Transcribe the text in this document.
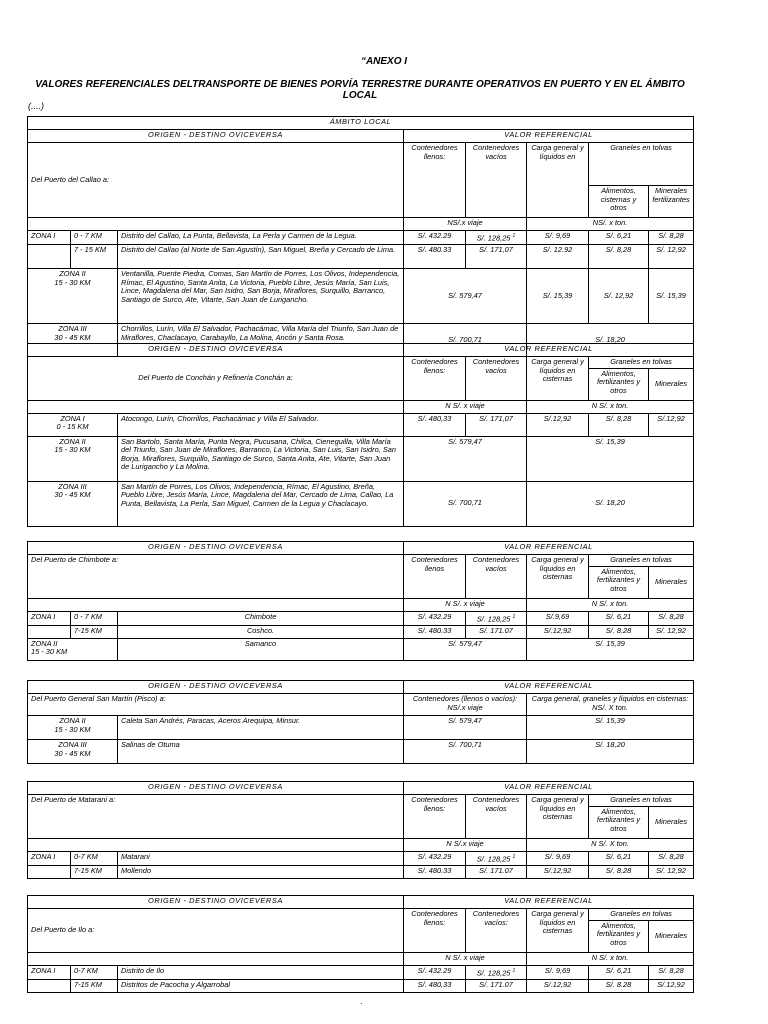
“ANEXO I
VALORES REFERENCIALES DELTRANSPORTE DE BIENES PORVÍA TERRESTRE DURANTE OPERATIVOS EN PUERTO Y EN EL ÁMBITO LOCAL
(....)
ÁMBITO LOCAL							
ORIGEN - DESTINO OVICEVERSA			VALOR REFERENCIAL				
Del Puerto del Callao a:			Contenedores llenos:	Contenedores vacíos	Carga general y líquidos en	Graneles en tolvas	
						Alimentos, cisternas y otros	Minerales fertilizantes
			NS/.x viaje		NS/. x ton.		
ZONA I	0 - 7 KM	Distrito del Callao, La Punta, Bellavista, La Perla y Carmen de la Legua.	S/. 432.29	S/. 128,25 $^1$	S/. 9,69	S/. 6,21	S/. 8,28
	7 - 15 KM	Distrito del Callao (al Norte de San Agustín), San Miguel, Breña y Cercado de Lima.	S/. 480.33	S/. 171,07	S/. 12.92	S/. 8,28	S/. 12,92
ZONA II
15 - 30 KM		Ventanilla, Puente Piedra, Comas, San Martín de Porres, Los Olivos, Independencia, Rímac, El Agustino, Santa Anita, La Victoria, Pueblo Libre, Jesús María, San Luis, Lince, Magdalena del Mar, San Isidro, San Borja, Miraflores, Surquillo, Barranco, Santiago de Surco, Ate, Vitarte, San Juan de Lurigancho.	S/. 579,47		S/. 15,39	S/. 12,92	S/. 15,39
ZONA III
30 - 45 KM		Chorrillos, Lurín, Villa El Salvador, Pachacámac, Villa María del Triunfo, San Juan de Miraflores, Chaclacayo, Carabayllo, La Molina, Ancón y Santa Rosa.	S/. 700,71		S/. 18,20		
ORIGEN - DESTINO OVICEVERSA		VALOR REFERENCIAL				
Del Puerto de Conchán y Refinería Conchán a:		Contenedores llenos:	Contenedores vacíos	Carga general y líquidos en cisternas	Graneles en tolvas	
					Alimentos, fertilizantes y otros	Minerales
		N S/. x viaje		N S/. x ton.		
ZONA I
0 - 15 KM	Atocongo, Lurín, Chorrillos, Pachacámac y Villa El Salvador.	S/. 480,33	S/. 171,07	S/.12,92	S/. 8,28	S/.12,92
ZONA II
15 - 30 KM	San Bartolo, Santa María, Punta Negra, Pucusana, Chilca, Cieneguilla, Villa María del Triunfo, San Juan de Miraflores, Barranco, La Victoria, San Luis, San Isidro, San Borja, Miraflores, Surquillo, Santiago de Surco, Santa Anita, Ate, Vitarte, San Juan de Lurigancho y La Molina.	S/. 579,47		S/. 15,39		
ZONA III
30 - 45 KM	San Martín de Porres, Los Olivos, Independencia, Rímac, El Agustino, Breña, Pueblo Libre, Jesús María, Lince, Magdalena del Mar, Cercado de Lima, Callao, La Punta, Bellavista, La Perla, San Miguel, Carmen de la Legua y Chaclacayo.	S/. 700,71		S/. 18,20		
ORIGEN - DESTINO OVICEVERSA			VALOR REFERENCIAL				
Del Puerto de Chimbote a:			Contenedores llenos	Contenedores vacíos	Carga general y líquidos en cisternas	Graneles en tolvas	
						Alimentos, fertilizantes y otros	Minerales
			N S/. x viaje		N S/. x ton.		
ZONA I	0 - 7 KM	Chimbote	S/. 432.29	S/. 128,25 $^1$	S/.9,69	S/. 6,21	S/. 8,28
	7-15 KM	Coshco.	S/. 480.33	S/. 171.07	S/.12,92	S/. 8.28	S/. 12,92
ZONA II
15 - 30 KM		Samanco	S/. 579,47		S/. 15,39		
ORIGEN - DESTINO OVICEVERSA		VALOR REFERENCIAL	
Del Puerto General San Martín (Pisco) a:		Contenedores (llenos o vacíos): NS/.x viaje	Carga general, graneles y líquidos en cisternas: NS/. X ton.
ZONA II
15 - 30 KM	Caleta San Andrés, Paracas, Aceros Arequipa, Minsur.	S/. 579,47	S/. 15,39
ZONA III
30 - 45 KM	Salinas de Otuma	S/. 700,71	S/. 18,20
ORIGEN - DESTINO OVICEVERSA			VALOR REFERENCIAL				
Del Puerto de Matarani a:			Contenedores llenos:	Contenedores vacíos	Carga general y líquidos en cisternas	Graneles en tolvas	
						Alimentos, fertilizantes y otros	Minerales
			N S/.x viaje		N S/. X ton.		
ZONA I	0-7 KM	Matarani	S/. 432.29	S/. 128,25 $^1$	S/. 9,69	S/. 6,21	S/. 8,28
	7-15 KM	Mollendo	S/. 480.33	S/. 171.07	S/.12,92	S/. 8.28	S/. 12,92
ORIGEN - DESTINO OVICEVERSA			VALOR REFERENCIAL				
Del Puerto de Ilo a:			Contenedores llenos:	Contenedores vacíos:	Carga general y líquidos en cisternas	Graneles en tolvas	
						Alimentos, fertilizantes y otros	Minerales
			N S/. x viaje		N S/. x ton.		
ZONA I	0-7 KM	Distrito de Ilo	S/. 432.29	S/. 128,25 $^1$	S/. 9,69	S/. 6,21	S/. 8,28
	7-15 KM	Distritos de Pacocha y Algarrobal	S/. 480,33	S/. 171.07	S/.12,92	S/. 8.28	S/.12,92
.
